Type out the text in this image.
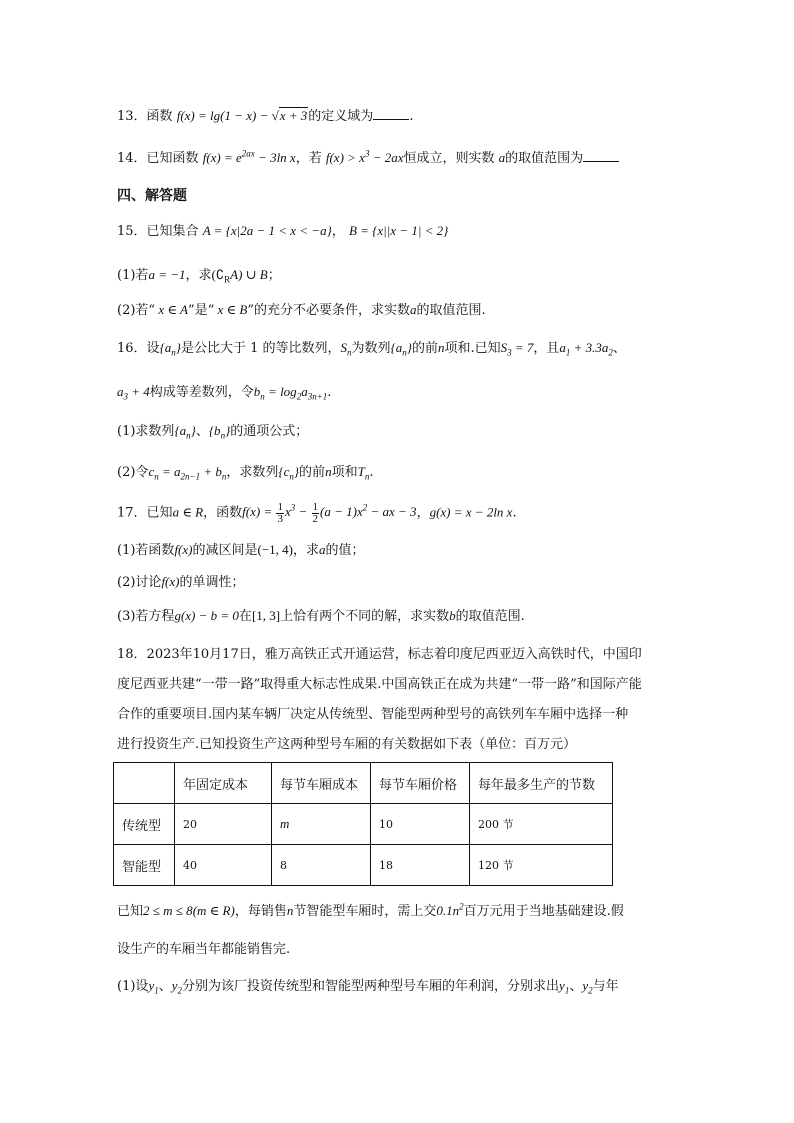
13．函数 f(x) = lg(1 − x) − √x + 3的定义域为	.
14．已知函数 $f(x) = e^{2ax} - 3\ln$ x，若 $f(x) > x^3 - 2ax$恒成立，则实数 a的取值范围为
四、解答题
15．已知集合 A = {x|2a − 1 < x < −a}， B = {x||x − 1| < 2}
(1)若a = −1，求$(∁_RA)$ ∪ B；
(2)若“ x ∈ A”是“ x ∈ B”的充分不必要条件，求实数a的取值范围.
16．设$\{a_n\}$是公比大于 1 的等比数列，$S_n$为数列$\{a_n\}$的前n项和.已知$S_3 = 7$，且$a_1 + 3.3a_2$、
$a_3 + 4$构成等差数列，令$b_n = \log_2a_{3n+1}$.
(1)求数列$\{a_n\}$、$\{b_n\}$的通项公式；
(2)令$c_n = a_{2n-1} + b_n$，求数列$\{c_n\}$的前n项和$T_n$.
17．已知a ∈ R，函数$f(x) = \frac{1}{3} x^3 - \frac{1}{2} (a - 1)x^2$ − ax − 3，g(x) = x − 2ln x.
(1)若函数f(x)的减区间是(−1, 4)，求a的值；
(2)讨论f(x)的单调性；
(3)若方程g(x) − b = 0在[1, 3]上恰有两个不同的解，求实数b的取值范围.
18．2023年10月17日，雅万高铁正式开通运营，标志着印度尼西亚迈入高铁时代，中国印
度尼西亚共建“一带一路”取得重大标志性成果.中国高铁正在成为共建“一带一路”和国际产能
合作的重要项目.国内某车辆厂决定从传统型、智能型两种型号的高铁列车车厢中选择一种
进行投资生产.已知投资生产这两种型号车厢的有关数据如下表（单位：百万元）
	年固定成本	每节车厢成本	每节车厢价格	每年最多生产的节数
传统型	20	m	10	200 节
智能型	40	8	18	120 节
已知2 ≤ m ≤ 8(m ∈ R)，每销售n节智能型车厢时，需上交$0.1n^2$百万元用于当地基础建设.假
设生产的车厢当年都能销售完.
(1)设$y_1$、$y_2$分别为该厂投资传统型和智能型两种型号车厢的年利润，分别求出$y_1$、$y_2$与年
